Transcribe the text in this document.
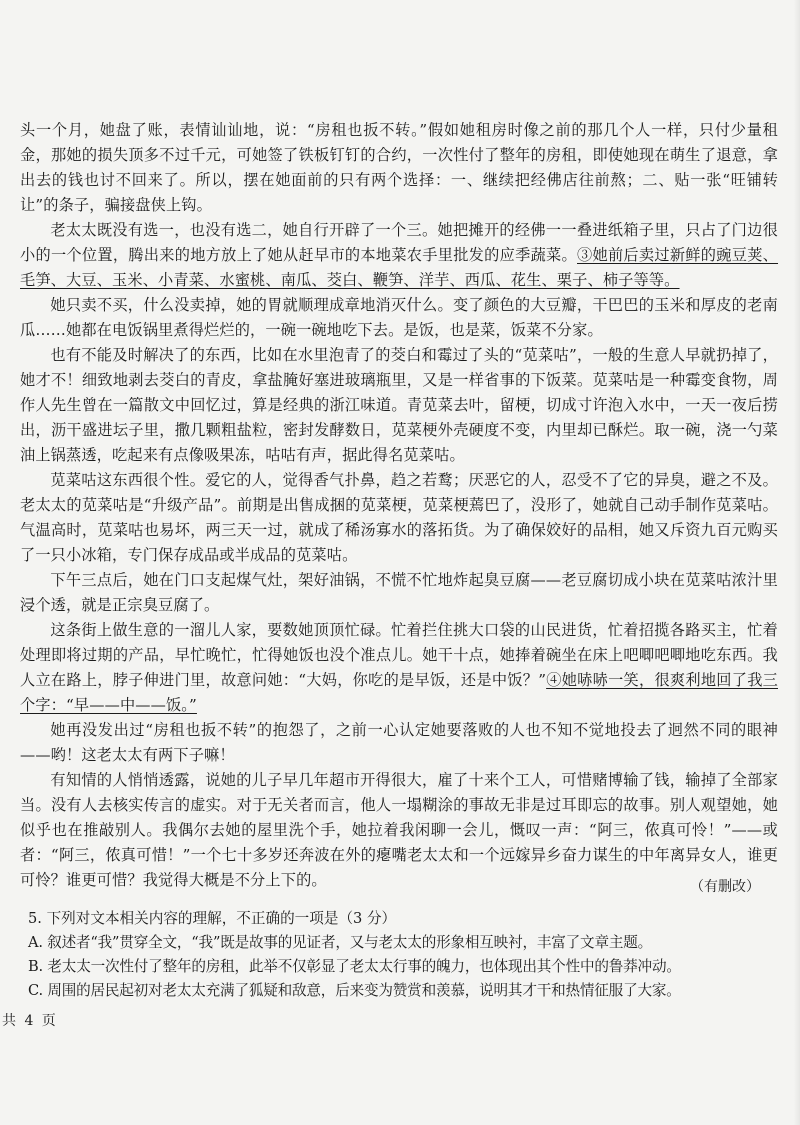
头一个月，她盘了账，表情讪讪地，说：“房租也扳不转。”假如她租房时像之前的那几个人一样，只付少量租金，那她的损失顶多不过千元，可她签了铁板钉钉的合约，一次性付了整年的房租，即使她现在萌生了退意，拿出去的钱也讨不回来了。所以，摆在她面前的只有两个选择：一、继续把经佛店往前熬；二、贴一张“旺铺转让”的条子，骗接盘侠上钩。

老太太既没有选一，也没有选二，她自行开辟了一个三。她把摊开的经佛一一叠进纸箱子里，只占了门边很小的一个位置，腾出来的地方放上了她从赶早市的本地菜农手里批发的应季蔬菜。③她前后卖过新鲜的豌豆荚、毛笋、大豆、玉米、小青菜、水蜜桃、南瓜、茭白、鞭笋、洋芋、西瓜、花生、栗子、柿子等等。

她只卖不买，什么没卖掉，她的胃就顺理成章地消灭什么。变了颜色的大豆瓣，干巴巴的玉米和厚皮的老南瓜……她都在电饭锅里煮得烂烂的，一碗一碗地吃下去。是饭，也是菜，饭菜不分家。

也有不能及时解决了的东西，比如在水里泡青了的茭白和霉过了头的“苋菜咕”，一般的生意人早就扔掉了，她才不！细致地剥去茭白的青皮，拿盐腌好塞进玻璃瓶里，又是一样省事的下饭菜。苋菜咕是一种霉变食物，周作人先生曾在一篇散文中回忆过，算是经典的浙江味道。青苋菜去叶，留梗，切成寸许泡入水中，一天一夜后捞出，沥干盛进坛子里，撒几颗粗盐粒，密封发酵数日，苋菜梗外壳硬度不变，内里却已酥烂。取一碗，浇一勺菜油上锅蒸透，吃起来有点像吸果冻，咕咕有声，据此得名苋菜咕。

苋菜咕这东西很个性。爱它的人，觉得香气扑鼻，趋之若鹜；厌恶它的人，忍受不了它的异臭，避之不及。老太太的苋菜咕是“升级产品”。前期是出售成捆的苋菜梗，苋菜梗蔫巴了，没形了，她就自己动手制作苋菜咕。气温高时，苋菜咕也易坏，两三天一过，就成了稀汤寡水的落拓货。为了确保姣好的品相，她又斥资九百元购买了一只小冰箱，专门保存成品或半成品的苋菜咕。

下午三点后，她在门口支起煤气灶，架好油锅，不慌不忙地炸起臭豆腐——老豆腐切成小块在苋菜咕浓汁里浸个透，就是正宗臭豆腐了。

这条街上做生意的一溜儿人家，要数她顶顶忙碌。忙着拦住挑大口袋的山民进货，忙着招揽各路买主，忙着处理即将过期的产品，早忙晚忙，忙得她饭也没个准点儿。她干十点，她捧着碗坐在床上吧唧吧唧地吃东西。我人立在路上，脖子伸进门里，故意问她：“大妈，你吃的是早饭，还是中饭？”④她哧哧一笑，很爽利地回了我三个字：“早——中——饭。”

她再没发出过“房租也扳不转”的抱怨了，之前一心认定她要落败的人也不知不觉地投去了迥然不同的眼神——哟！这老太太有两下子嘛！

有知情的人悄悄透露，说她的儿子早几年超市开得很大，雇了十来个工人，可惜赌博输了钱，输掉了全部家当。没有人去核实传言的虚实。对于无关者而言，他人一塌糊涂的事故无非是过耳即忘的故事。别人观望她，她似乎也在推敲别人。我偶尔去她的屋里洗个手，她拉着我闲聊一会儿，慨叹一声：“阿三，侬真可怜！”——或者：“阿三，侬真可惜！”一个七十多岁还奔波在外的瘪嘴老太太和一个远嫁异乡奋力谋生的中年离异女人，谁更可怜？谁更可惜？我觉得大概是不分上下的。	（有删改）

5. 下列对文本相关内容的理解，不正确的一项是（3 分）

A. 叙述者“我”贯穿全文，“我”既是故事的见证者，又与老太太的形象相互映衬，丰富了文章主题。

B. 老太太一次性付了整年的房租，此举不仅彰显了老太太行事的魄力，也体现出其个性中的鲁莽冲动。

C. 周围的居民起初对老太太充满了狐疑和敌意，后来变为赞赏和羡慕，说明其才干和热情征服了大家。

共 4 页
